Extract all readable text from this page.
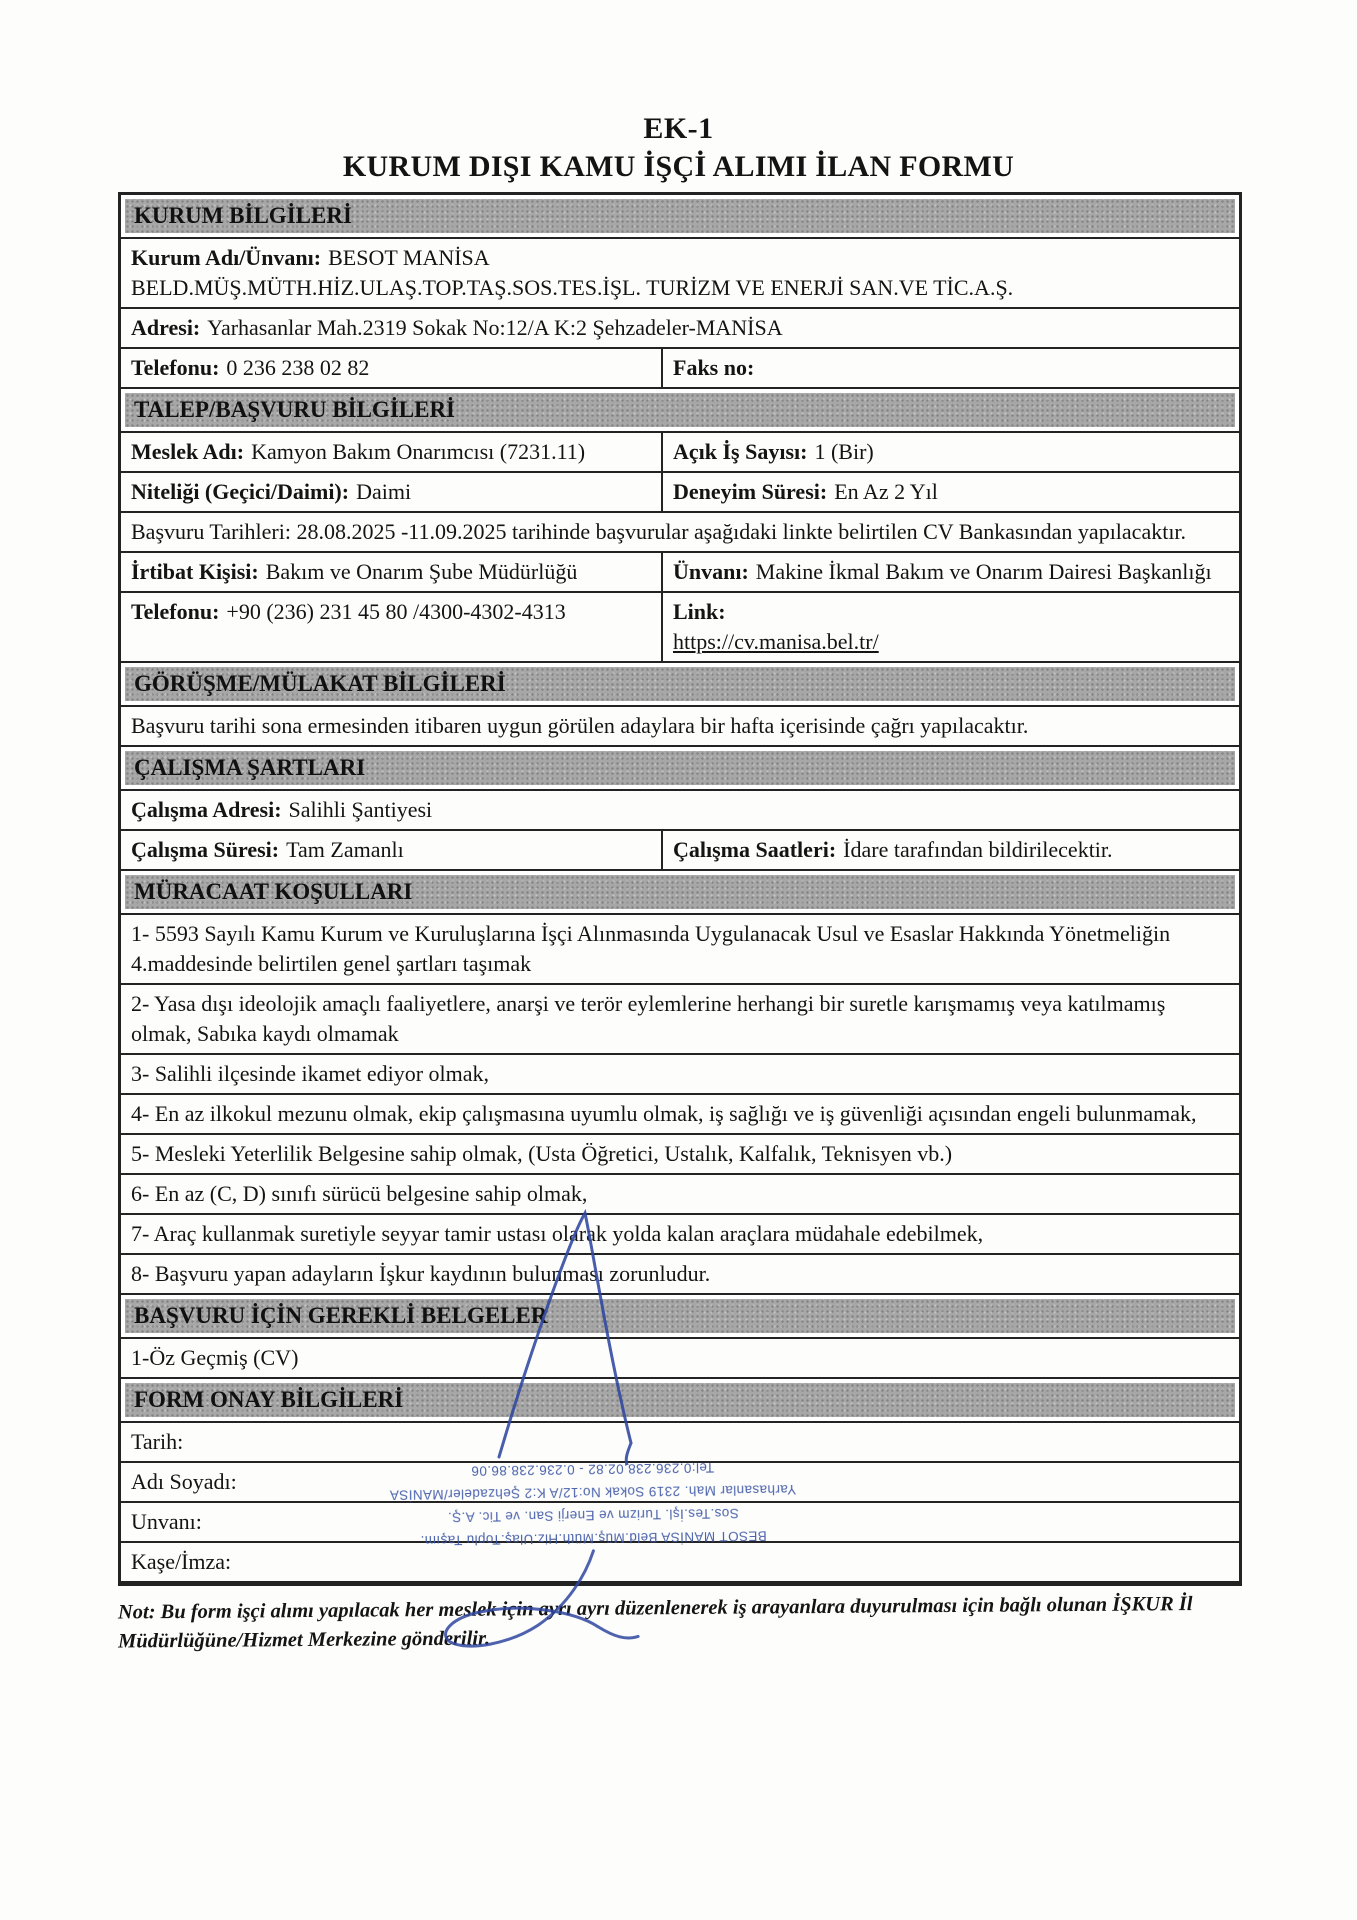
EK-1
KURUM DIŞI KAMU İŞÇİ ALIMI İLAN FORMU
KURUM BİLGİLERİ
Kurum Adı/Ünvanı: BESOT MANİSA
BELD.MÜŞ.MÜTH.HİZ.ULAŞ.TOP.TAŞ.SOS.TES.İŞL. TURİZM VE ENERJİ SAN.VE TİC.A.Ş.
Adresi: Yarhasanlar Mah.2319 Sokak No:12/A K:2 Şehzadeler-MANİSA
Telefonu: 0 236 238 02 82	Faks no:
TALEP/BAŞVURU BİLGİLERİ
Meslek Adı: Kamyon Bakım Onarımcısı (7231.11)	Açık İş Sayısı: 1 (Bir)
Niteliği (Geçici/Daimi): Daimi	Deneyim Süresi: En Az 2 Yıl
Başvuru Tarihleri: 28.08.2025 -11.09.2025 tarihinde başvurular aşağıdaki linkte belirtilen CV Bankasından yapılacaktır.
İrtibat Kişisi: Bakım ve Onarım Şube Müdürlüğü	Ünvanı: Makine İkmal Bakım ve Onarım Dairesi Başkanlığı
Telefonu: +90 (236) 231 45 80 /4300-4302-4313	Link:
https://cv.manisa.bel.tr/
GÖRÜŞME/MÜLAKAT BİLGİLERİ
Başvuru tarihi sona ermesinden itibaren uygun görülen adaylara bir hafta içerisinde çağrı yapılacaktır.
ÇALIŞMA ŞARTLARI
Çalışma Adresi: Salihli Şantiyesi
Çalışma Süresi: Tam Zamanlı	Çalışma Saatleri: İdare tarafından bildirilecektir.
MÜRACAAT KOŞULLARI
1- 5593 Sayılı Kamu Kurum ve Kuruluşlarına İşçi Alınmasında Uygulanacak Usul ve Esaslar Hakkında Yönetmeliğin 4.maddesinde belirtilen genel şartları taşımak
2- Yasa dışı ideolojik amaçlı faaliyetlere, anarşi ve terör eylemlerine herhangi bir suretle karışmamış veya katılmamış olmak, Sabıka kaydı olmamak
3- Salihli ilçesinde ikamet ediyor olmak,
4- En az ilkokul mezunu olmak, ekip çalışmasına uyumlu olmak, iş sağlığı ve iş güvenliği açısından engeli bulunmamak,
5- Mesleki Yeterlilik Belgesine sahip olmak, (Usta Öğretici, Ustalık, Kalfalık, Teknisyen vb.)
6- En az (C, D) sınıfı sürücü belgesine sahip olmak,
7- Araç kullanmak suretiyle seyyar tamir ustası olarak yolda kalan araçlara müdahale edebilmek,
8- Başvuru yapan adayların İşkur kaydının bulunması zorunludur.
BAŞVURU İÇİN GEREKLİ BELGELER
1-Öz Geçmiş (CV)
FORM ONAY BİLGİLERİ
Tarih:
Adı Soyadı:
Unvanı:
Kaşe/İmza:
BESOT MANİSA Beld.Müş.Müth.Hiz.Ulaş.Toplu Taşım.
Sos.Tes.İşl. Turizm ve Enerji San. ve Tic. A.Ş.
Yarhasanlar Mah. 2319 Sokak No:12/A K:2 Şehzadeler/MANİSA
Tel:0.236.238.02.82 - 0.236.238.86.06
Not: Bu form işçi alımı yapılacak her meslek için ayrı ayrı düzenlenerek iş arayanlara duyurulması için bağlı olunan İŞKUR İl Müdürlüğüne/Hizmet Merkezine gönderilir.
